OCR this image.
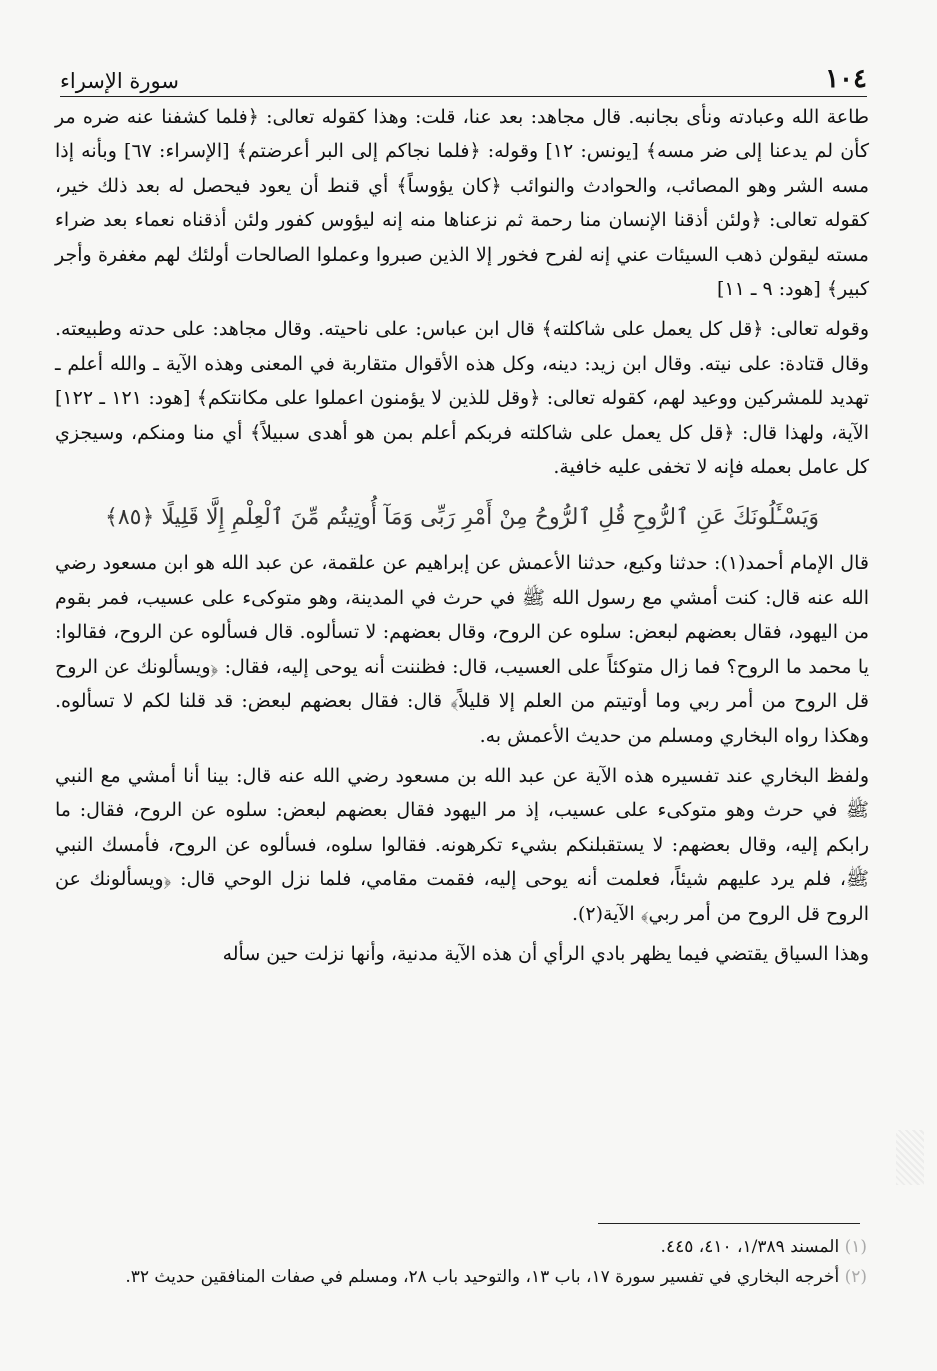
سورة الإسراء	١٠٤

طاعة الله وعبادته ونأى بجانبه. قال مجاهد: بعد عنا، قلت: وهذا كقوله تعالى: ﴿فلما كشفنا عنه ضره مر كأن لم يدعنا إلى ضر مسه﴾ [يونس: ١٢] وقوله: ﴿فلما نجاكم إلى البر أعرضتم﴾ [الإسراء: ٦٧] وبأنه إذا مسه الشر وهو المصائب، والحوادث والنوائب ﴿كان يؤوساً﴾ أي قنط أن يعود فيحصل له بعد ذلك خير، كقوله تعالى: ﴿ولئن أذقنا الإنسان منا رحمة ثم نزعناها منه إنه ليؤوس كفور ولئن أذقناه نعماء بعد ضراء مسته ليقولن ذهب السيئات عني إنه لفرح فخور إلا الذين صبروا وعملوا الصالحات أولئك لهم مغفرة وأجر كبير﴾ [هود: ٩ ـ ١١]

وقوله تعالى: ﴿قل كل يعمل على شاكلته﴾ قال ابن عباس: على ناحيته. وقال مجاهد: على حدته وطبيعته. وقال قتادة: على نيته. وقال ابن زيد: دينه، وكل هذه الأقوال متقاربة في المعنى وهذه الآية ـ والله أعلم ـ تهديد للمشركين ووعيد لهم، كقوله تعالى: ﴿وقل للذين لا يؤمنون اعملوا على مكانتكم﴾ [هود: ١٢١ ـ ١٢٢] الآية، ولهذا قال: ﴿قل كل يعمل على شاكلته فربكم أعلم بمن هو أهدى سبيلاً﴾ أي منا ومنكم، وسيجزي كل عامل بعمله فإنه لا تخفى عليه خافية.

وَيَسْـَٔلُونَكَ عَنِ ٱلرُّوحِ قُلِ ٱلرُّوحُ مِنْ أَمْرِ رَبِّى وَمَآ أُوتِيتُم مِّنَ ٱلْعِلْمِ إِلَّا قَلِيلًا ﴿٨٥﴾

قال الإمام أحمد(١): حدثنا وكيع، حدثنا الأعمش عن إبراهيم عن علقمة، عن عبد الله هو ابن مسعود رضي الله عنه قال: كنت أمشي مع رسول الله ﷺ في حرث في المدينة، وهو متوكىء على عسيب، فمر بقوم من اليهود، فقال بعضهم لبعض: سلوه عن الروح، وقال بعضهم: لا تسألوه. قال فسألوه عن الروح، فقالوا: يا محمد ما الروح؟ فما زال متوكئاً على العسيب، قال: فظننت أنه يوحى إليه، فقال: ﴿ويسألونك عن الروح قل الروح من أمر ربي وما أوتيتم من العلم إلا قليلاً﴾ قال: فقال بعضهم لبعض: قد قلنا لكم لا تسألوه. وهكذا رواه البخاري ومسلم من حديث الأعمش به.

ولفظ البخاري عند تفسيره هذه الآية عن عبد الله بن مسعود رضي الله عنه قال: بينا أنا أمشي مع النبي ﷺ في حرث وهو متوكىء على عسيب، إذ مر اليهود فقال بعضهم لبعض: سلوه عن الروح، فقال: ما رابكم إليه، وقال بعضهم: لا يستقبلنكم بشيء تكرهونه. فقالوا سلوه، فسألوه عن الروح، فأمسك النبي ﷺ، فلم يرد عليهم شيئاً، فعلمت أنه يوحى إليه، فقمت مقامي، فلما نزل الوحي قال: ﴿ويسألونك عن الروح قل الروح من أمر ربي﴾ الآية(٢).

وهذا السياق يقتضي فيما يظهر بادي الرأي أن هذه الآية مدنية، وأنها نزلت حين سأله

(١) المسند ١/٣٨٩، ٤١٠، ٤٤٥.

(٢) أخرجه البخاري في تفسير سورة ١٧، باب ١٣، والتوحيد باب ٢٨، ومسلم في صفات المنافقين حديث ٣٢.
